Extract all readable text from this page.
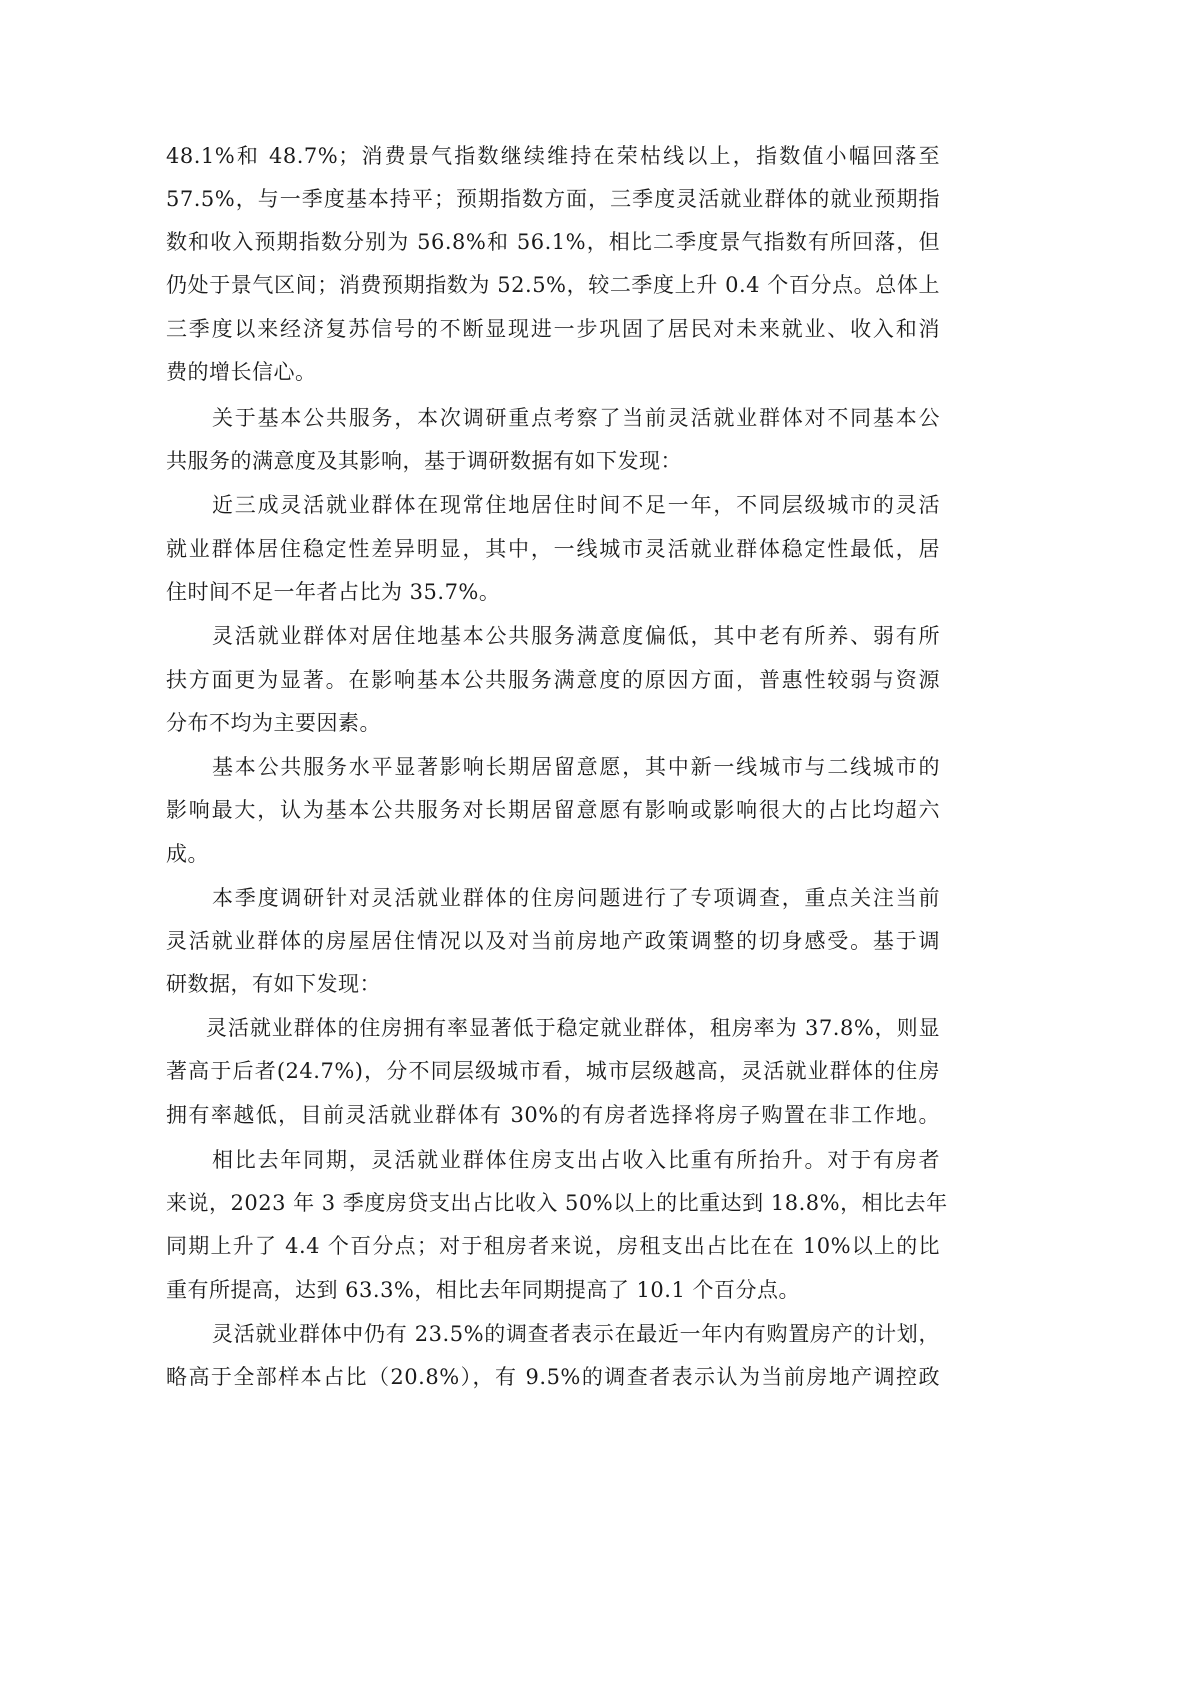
48.1%和 48.7%；消费景气指数继续维持在荣枯线以上，指数值小幅回落至
57.5%，与一季度基本持平；预期指数方面，三季度灵活就业群体的就业预期指
数和收入预期指数分别为 56.8%和 56.1%，相比二季度景气指数有所回落，但
仍处于景气区间；消费预期指数为 52.5%，较二季度上升 0.4 个百分点。总体上
三季度以来经济复苏信号的不断显现进一步巩固了居民对未来就业、收入和消
费的增长信心。
关于基本公共服务，本次调研重点考察了当前灵活就业群体对不同基本公
共服务的满意度及其影响，基于调研数据有如下发现：
近三成灵活就业群体在现常住地居住时间不足一年，不同层级城市的灵活
就业群体居住稳定性差异明显，其中，一线城市灵活就业群体稳定性最低，居
住时间不足一年者占比为 35.7%。
灵活就业群体对居住地基本公共服务满意度偏低，其中老有所养、弱有所
扶方面更为显著。在影响基本公共服务满意度的原因方面，普惠性较弱与资源
分布不均为主要因素。
基本公共服务水平显著影响长期居留意愿，其中新一线城市与二线城市的
影响最大，认为基本公共服务对长期居留意愿有影响或影响很大的占比均超六
成。
本季度调研针对灵活就业群体的住房问题进行了专项调查，重点关注当前
灵活就业群体的房屋居住情况以及对当前房地产政策调整的切身感受。基于调
研数据，有如下发现：
灵活就业群体的住房拥有率显著低于稳定就业群体，租房率为 37.8%，则显
著高于后者(24.7%)，分不同层级城市看，城市层级越高，灵活就业群体的住房
拥有率越低，目前灵活就业群体有 30%的有房者选择将房子购置在非工作地。
相比去年同期，灵活就业群体住房支出占收入比重有所抬升。对于有房者
来说，2023 年 3 季度房贷支出占比收入 50%以上的比重达到 18.8%，相比去年
同期上升了 4.4 个百分点；对于租房者来说，房租支出占比在在 10%以上的比
重有所提高，达到 63.3%，相比去年同期提高了 10.1 个百分点。
灵活就业群体中仍有 23.5%的调查者表示在最近一年内有购置房产的计划，
略高于全部样本占比（20.8%），有 9.5%的调查者表示认为当前房地产调控政
